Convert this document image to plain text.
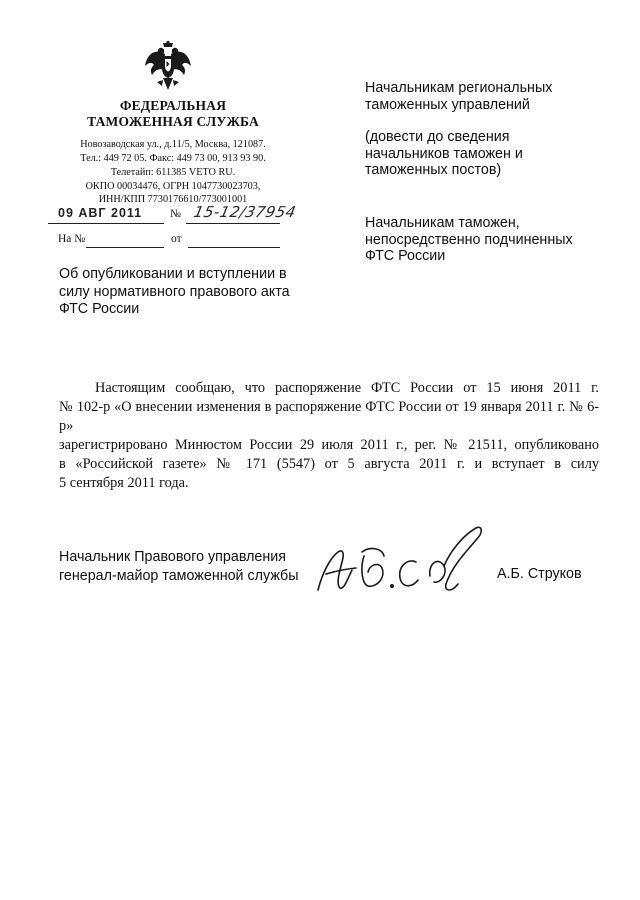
ФЕДЕРАЛЬНАЯ
ТАМОЖЕННАЯ СЛУЖБА
Новозаводская ул., д.11/5, Москва, 121087.
Тел.: 449 72 05. Факс: 449 73 00, 913 93 90.
Телетайп: 611385 VETO RU.
ОКПО 00034476, ОГРН 1047730023703,
ИНН/КПП 7730176610/773001001
09 АВГ 2011 № 15-12/37954
На №	от
Об опубликовании и вступлении в
силу нормативного правового акта
ФТС России
Начальникам региональных
таможенных управлений
(довести до сведения
начальников таможен и
таможенных постов)
Начальникам таможен,
непосредственно подчиненных
ФТС России
Настоящим сообщаю, что распоряжение ФТС России от 15 июня 2011 г.
№ 102-р «О внесении изменения в распоряжение ФТС России от 19 января 2011 г. № 6-р»
зарегистрировано Минюстом России 29 июля 2011 г., рег. № 21511, опубликовано
в «Российской газете» № 171 (5547) от 5 августа 2011 г. и вступает в силу
5 сентября 2011 года.
Начальник Правового управления
генерал-майор таможенной службы	А.Б. Струков
